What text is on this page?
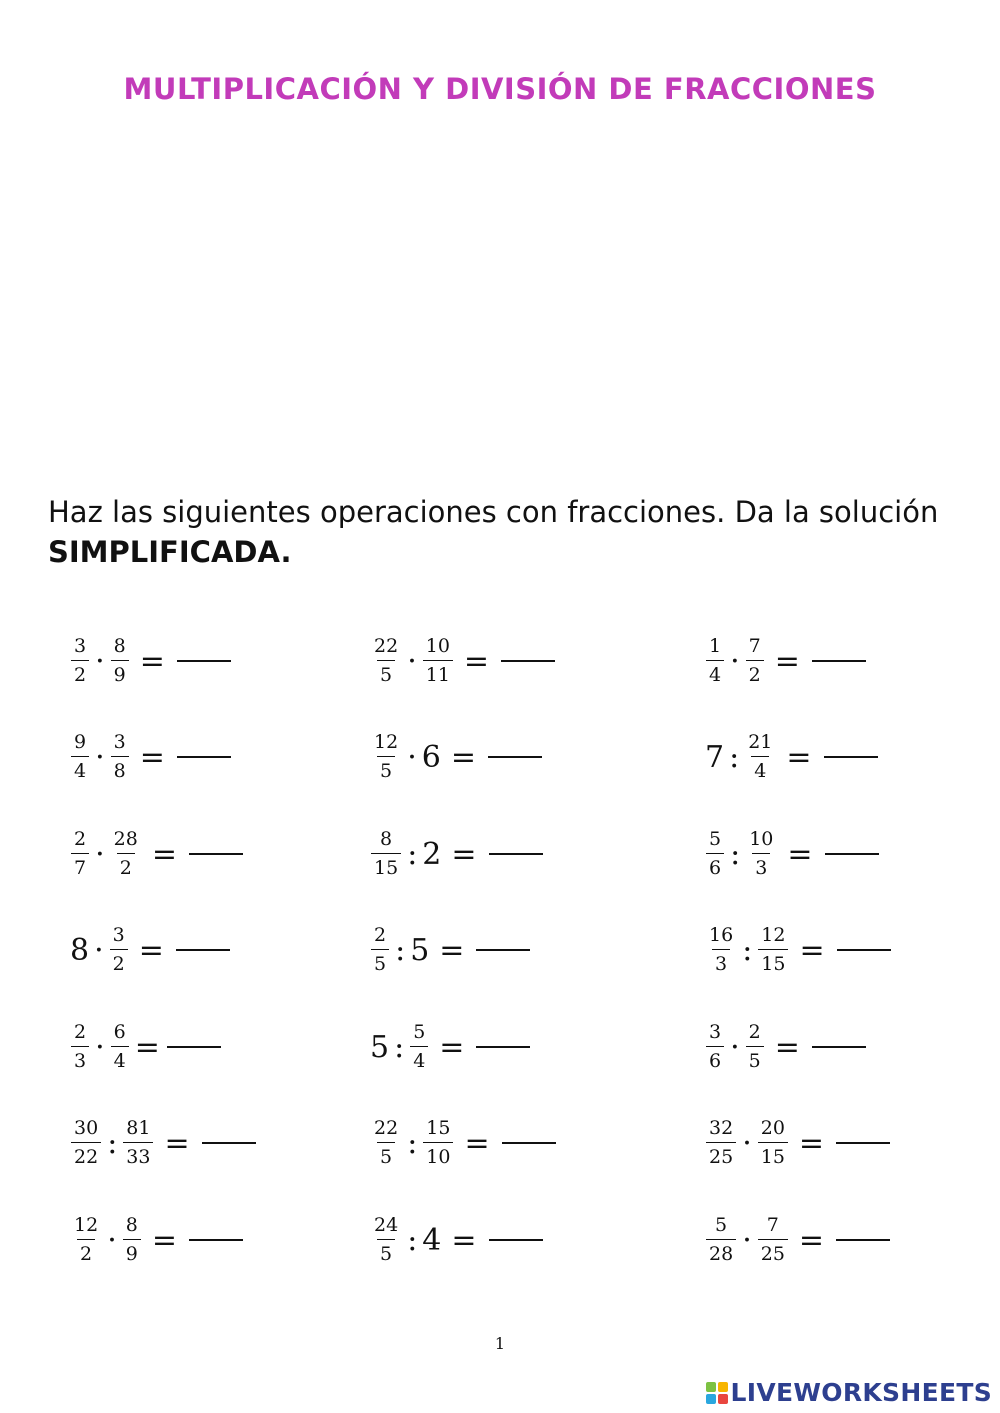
MULTIPLICACIÓN Y DIVISIÓN DE FRACCIONES
Haz las siguientes operaciones con fracciones. Da la solución
SIMPLIFICADA.
$\frac{3}{2} \cdot \frac{8}{9}$ =
$\frac{9}{4} \cdot \frac{3}{8}$ =
$\frac{2}{7} \cdot \frac{28}{2}$ =
$8 \cdot \frac{3}{2}$ =
$\frac{2}{3} \cdot \frac{6}{4}$ =
$\frac{30}{22}$ : $\frac{81}{33}$ =
$\frac{12}{2} \cdot \frac{8}{9}$ =
$\frac{22}{5} \cdot \frac{10}{11}$ =
$\frac{12}{5} \cdot 6$ =
$\frac{8}{15}$ : 2 =
$\frac{2}{5}$ : 5 =
5 : $\frac{5}{4}$ =
$\frac{22}{5}$ : $\frac{15}{10}$ =
$\frac{24}{5}$ : 4 =
$\frac{1}{4} \cdot \frac{7}{2}$ =
7 : $\frac{21}{4}$ =
$\frac{5}{6}$ : $\frac{10}{3}$ =
$\frac{16}{3}$ : $\frac{12}{15}$ =
$\frac{3}{6} \cdot \frac{2}{5}$ =
$\frac{32}{25} \cdot \frac{20}{15}$ =
$\frac{5}{28} \cdot \frac{7}{25}$ =
1
LIVEWORKSHEETS
